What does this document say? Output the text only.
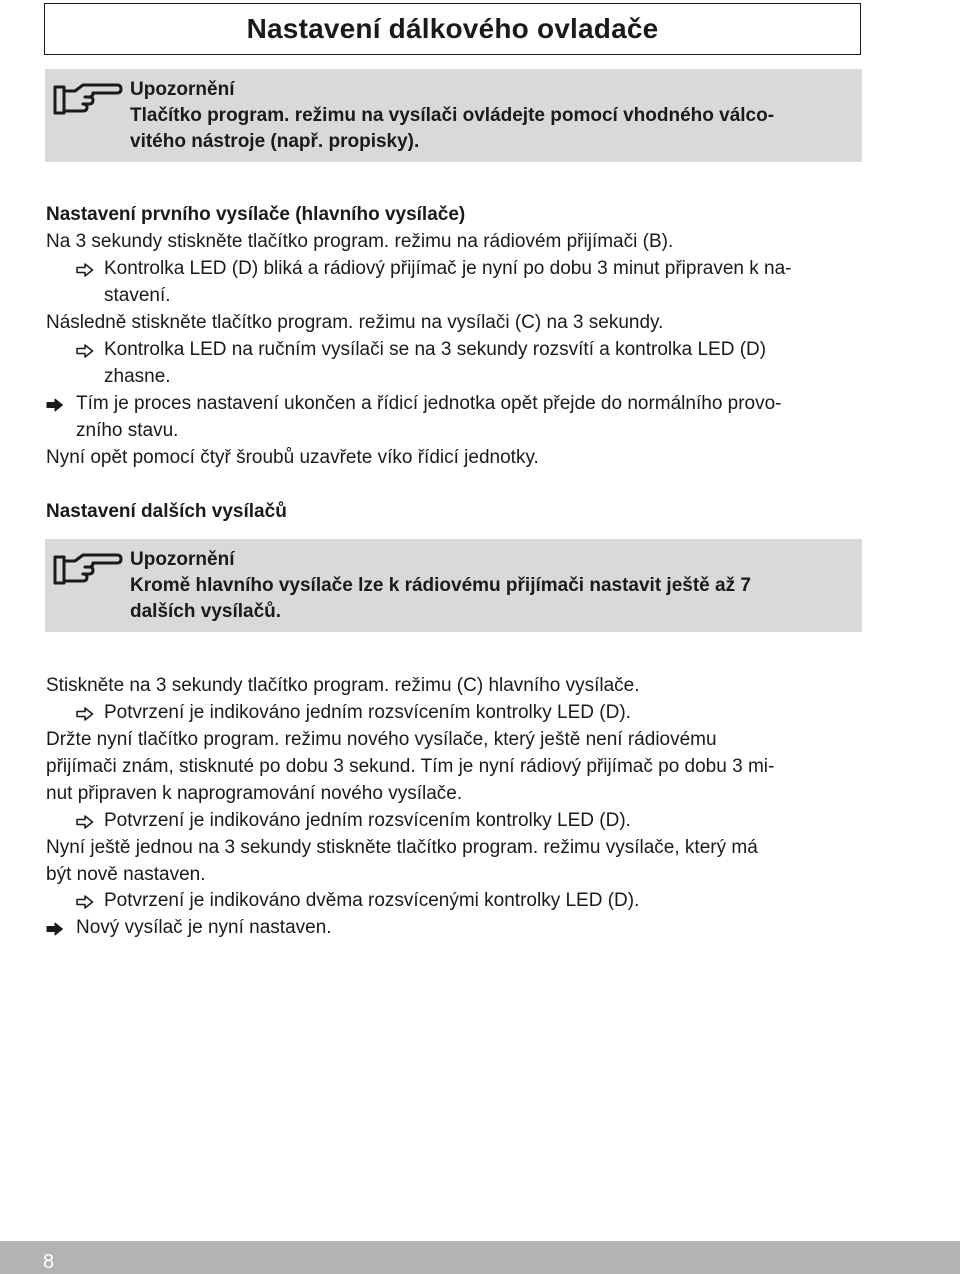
Nastavení dálkového ovladače
Upozornění
Tlačítko program. režimu na vysílači ovládejte pomocí vhodného válco-
vitého nástroje (např. propisky).
Nastavení prvního vysílače (hlavního vysílače)
Na 3 sekundy stiskněte tlačítko program. režimu na rádiovém přijímači (B).
Kontrolka LED (D) bliká a rádiový přijímač je nyní po dobu 3 minut připraven k na-
stavení.
Následně stiskněte tlačítko program. režimu na vysílači (C) na 3 sekundy.
Kontrolka LED na ručním vysílači se na 3 sekundy rozsvítí a kontrolka LED (D)
zhasne.
Tím je proces nastavení ukončen a řídicí jednotka opět přejde do normálního provo-
zního stavu.
Nyní opět pomocí čtyř šroubů uzavřete víko řídicí jednotky.
Nastavení dalších vysílačů
Upozornění
Kromě hlavního vysílače lze k rádiovému přijímači nastavit ještě až 7
dalších vysílačů.
Stiskněte na 3 sekundy tlačítko program. režimu (C) hlavního vysílače.
Potvrzení je indikováno jedním rozsvícením kontrolky LED (D).
Držte nyní tlačítko program. režimu nového vysílače, který ještě není rádiovému
přijímači znám, stisknuté po dobu 3 sekund. Tím je nyní rádiový přijímač po dobu 3 mi-
nut připraven k naprogramování nového vysílače.
Potvrzení je indikováno jedním rozsvícením kontrolky LED (D).
Nyní ještě jednou na 3 sekundy stiskněte tlačítko program. režimu vysílače, který má
být nově nastaven.
Potvrzení je indikováno dvěma rozsvícenými kontrolky LED (D).
Nový vysílač je nyní nastaven.
8
